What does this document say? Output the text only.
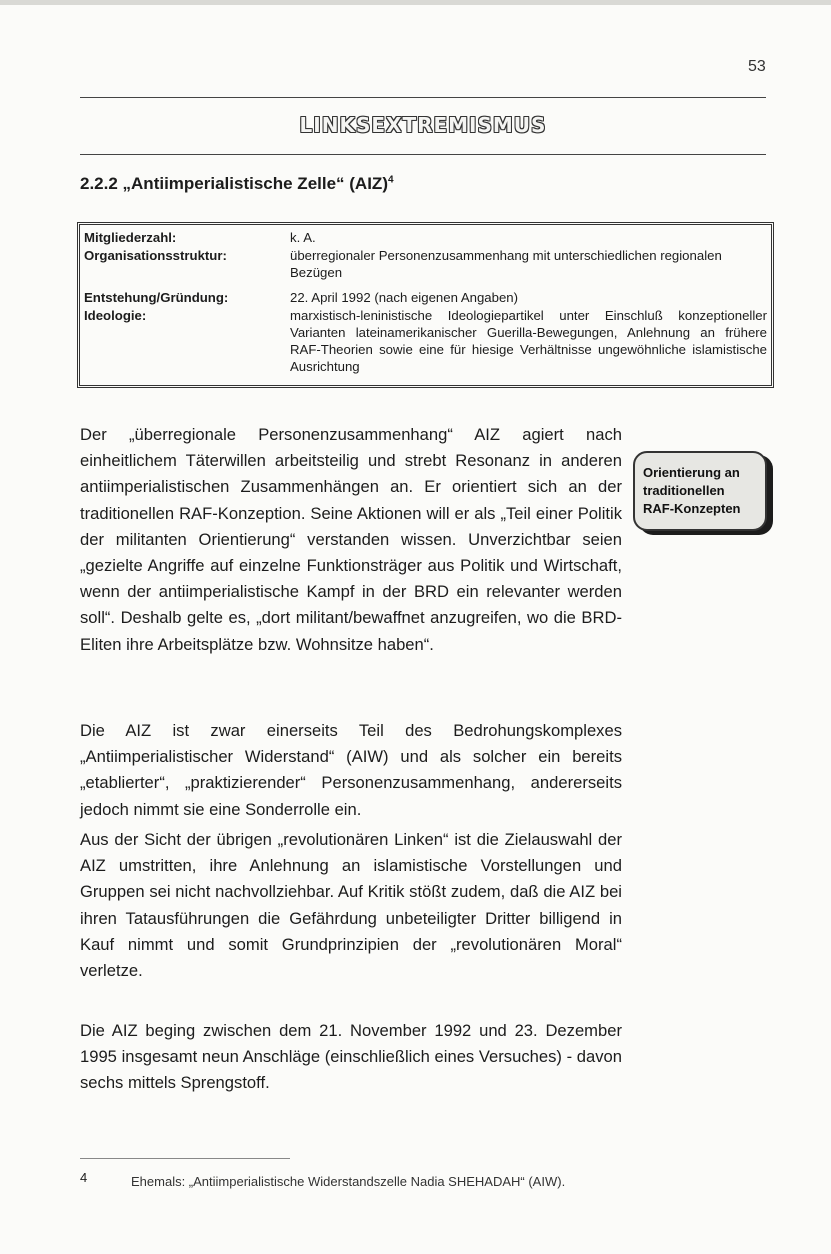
53
LINKSEXTREMISMUS
2.2.2 „Antiimperialistische Zelle“ (AIZ)$^4$
Mitgliederzahl:	k. A.
Organisationsstruktur:	überregionaler Personenzusammenhang mit unterschiedlichen regionalen Bezügen
Entstehung/Gründung:	22. April 1992 (nach eigenen Angaben)
Ideologie:	marxistisch-leninistische Ideologiepartikel unter Einschluß konzeptioneller Varianten lateinamerikanischer Guerilla-Bewegungen, Anlehnung an frühere RAF-Theorien sowie eine für hiesige Verhältnisse ungewöhnliche islamistische Ausrichtung
Der „überregionale Personenzusammenhang“ AIZ agiert nach einheitlichem Täterwillen arbeitsteilig und strebt Resonanz in anderen antiimperialistischen Zusammenhängen an. Er orientiert sich an der traditionellen RAF-Konzeption. Seine Aktionen will er als „Teil einer Politik der militanten Orientierung“ verstanden wissen. Unverzichtbar seien „gezielte Angriffe auf einzelne Funktionsträger aus Politik und Wirtschaft, wenn der antiimperialistische Kampf in der BRD ein relevanter werden soll“. Deshalb gelte es, „dort militant/bewaffnet anzugreifen, wo die BRD-Eliten ihre Arbeitsplätze bzw. Wohnsitze haben“.
Orientierung an
traditionellen
RAF-Konzepten
Die AIZ ist zwar einerseits Teil des Bedrohungskomplexes „Antiimperialistischer Widerstand“ (AIW) und als solcher ein bereits „etablierter“, „praktizierender“ Personenzusammenhang, andererseits jedoch nimmt sie eine Sonderrolle ein.
Aus der Sicht der übrigen „revolutionären Linken“ ist die Zielauswahl der AIZ umstritten, ihre Anlehnung an islamistische Vorstellungen und Gruppen sei nicht nachvollziehbar. Auf Kritik stößt zudem, daß die AIZ bei ihren Tatausführungen die Gefährdung unbeteiligter Dritter billigend in Kauf nimmt und somit Grundprinzipien der „revolutionären Moral“ verletze.
Die AIZ beging zwischen dem 21. November 1992 und 23. Dezember 1995 insgesamt neun Anschläge (einschließlich eines Versuches) - davon sechs mittels Sprengstoff.
4	Ehemals: „Antiimperialistische Widerstandszelle Nadia SHEHADAH“ (AIW).
